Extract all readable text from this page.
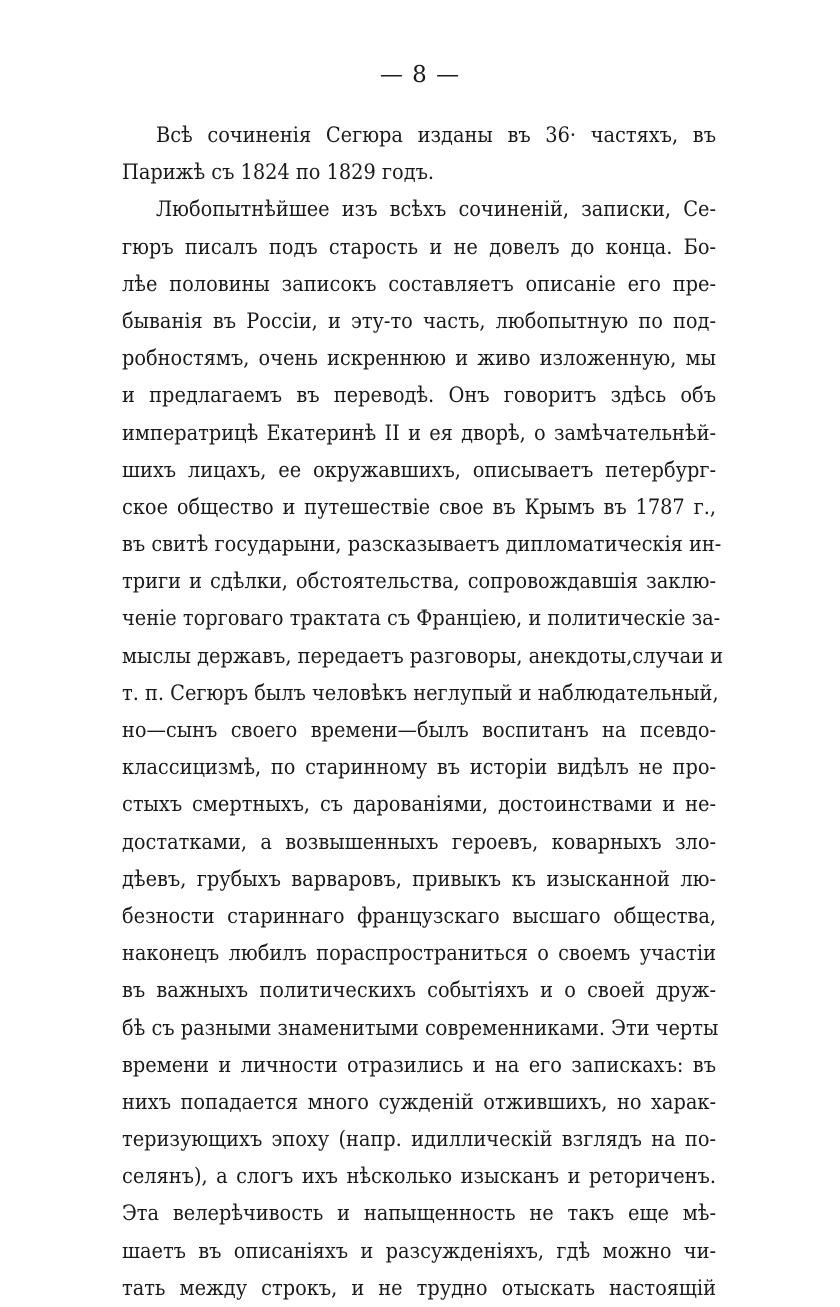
— 8 —
Всѣ сочиненія Сегюра изданы въ 36· частяхъ, въ
Парижѣ съ 1824 по 1829 годъ.
Любопытнѣйшее изъ всѣхъ сочиненій, записки, Се-
гюръ писалъ подъ старость и не довелъ до конца. Бо-
лѣе половины записокъ составляетъ описаніе его пре-
быванія въ Россіи, и эту-то часть, любопытную по под-
робностямъ, очень искреннюю и живо изложенную, мы
и предлагаемъ въ переводѣ. Онъ говоритъ здѣсь объ
императрицѣ Екатеринѣ II и ея дворѣ, о замѣчательнѣй-
шихъ лицахъ, ее окружавшихъ, описываетъ петербург-
ское общество и путешествіе свое въ Крымъ въ 1787 г.,
въ свитѣ государыни, разсказываетъ дипломатическія ин-
триги и сдѣлки, обстоятельства, сопровождавшія заклю-
ченіе торговаго трактата съ Франціею, и политическіе за-
мыслы державъ, передаетъ разговоры, анекдоты,случаи и
т. п. Сегюръ былъ человѣкъ неглупый и наблюдательный,
но—сынъ своего времени—былъ воспитанъ на псевдо-
классицизмѣ, по старинному въ исторіи видѣлъ не про-
стыхъ смертныхъ, съ дарованіями, достоинствами и не-
достатками, а возвышенныхъ героевъ, коварныхъ зло-
дѣевъ, грубыхъ варваровъ, привыкъ къ изысканной лю-
безности стариннаго французскаго высшаго общества,
наконецъ любилъ пораспространиться о своемъ участіи
въ важныхъ политическихъ событіяхъ и о своей друж-
бѣ съ разными знаменитыми современниками. Эти черты
времени и личности отразились и на его запискахъ: въ
нихъ попадается много сужденій отжившихъ, но харак-
теризующихъ эпоху (напр. идиллическій взглядъ на по-
селянъ), а слогъ ихъ нѣсколько изысканъ и реториченъ.
Эта велерѣчивость и напыщенность не такъ еще мѣ-
шаетъ въ описаніяхъ и разсужденіяхъ, гдѣ можно чи-
тать между строкъ, и не трудно отыскать настоящій
